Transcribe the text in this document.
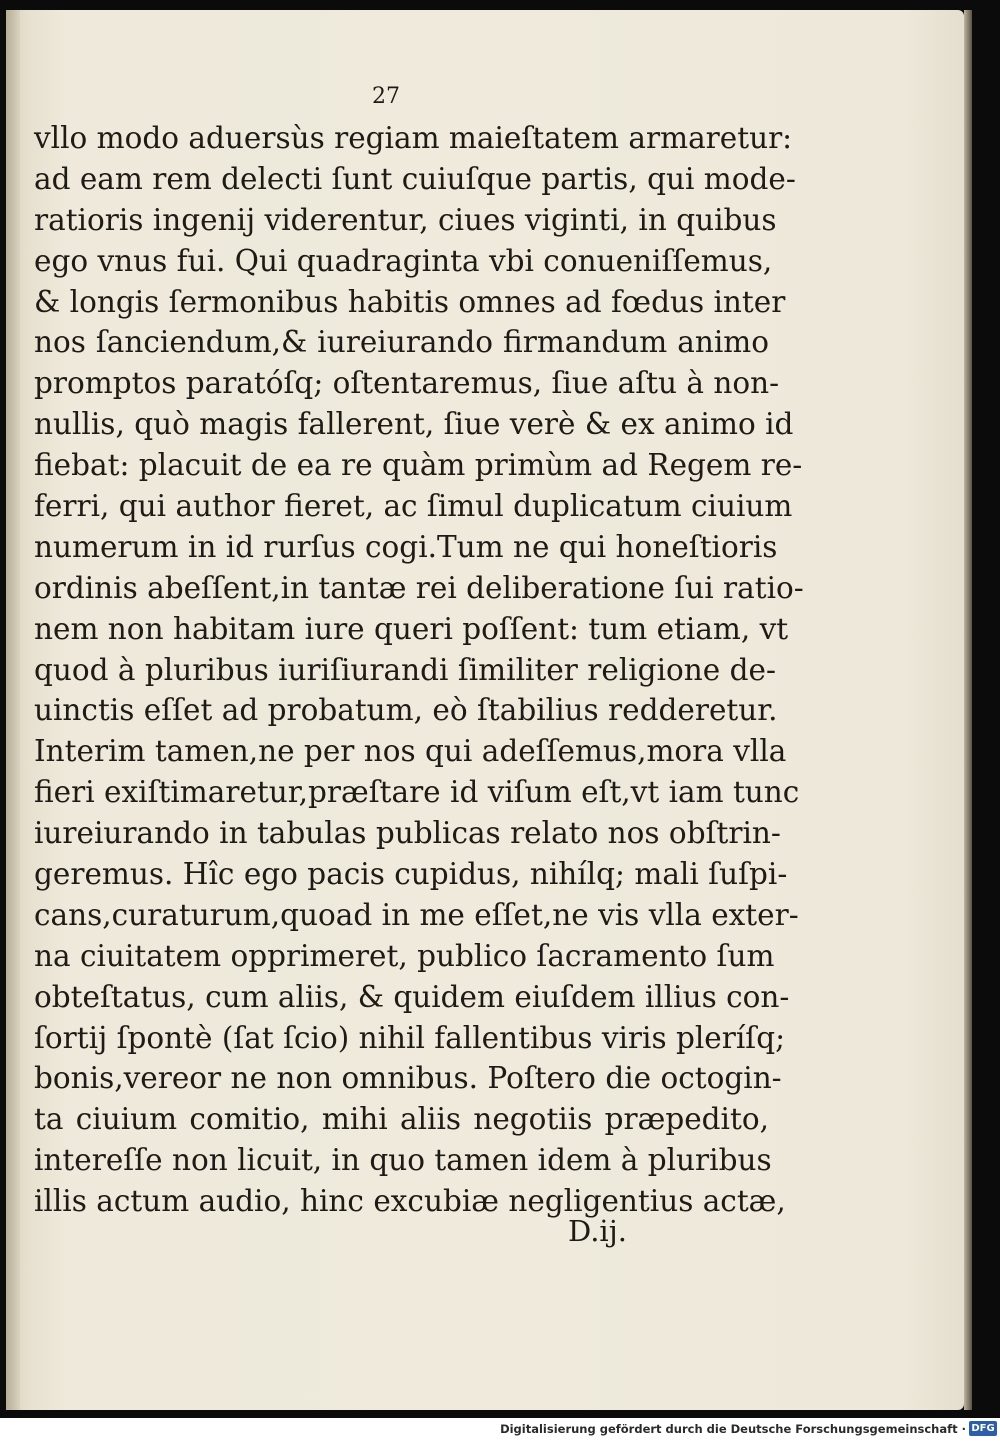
27
vllo modo aduersùs regiam maieſtatem armaretur:
ad eam rem delecti ſunt cuiuſque partis, qui mode-
ratioris ingenij viderentur, ciues viginti, in quibus
ego vnus fui. Qui quadraginta vbi conueniſſemus,
& longis ſermonibus habitis omnes ad fœdus inter
nos ſanciendum,& iureiurando firmandum animo
promptos paratóſq; oſtentaremus, ſiue aſtu à non-
nullis, quò magis fallerent, ſiue verè & ex animo id
fiebat: placuit de ea re quàm primùm ad Regem re-
ferri, qui author fieret, ac ſimul duplicatum ciuium
numerum in id rurſus cogi.Tum ne qui honeſtioris
ordinis abeſſent,in tantæ rei deliberatione ſui ratio-
nem non habitam iure queri poſſent: tum etiam, vt
quod à pluribus iuriſiurandi ſimiliter religione de-
uinctis eſſet ad probatum, eò ſtabilius redderetur.
Interim tamen,ne per nos qui adeſſemus,mora vlla
fieri exiſtimaretur,præſtare id viſum eſt,vt iam tunc
iureiurando in tabulas publicas relato nos obſtrin-
geremus. Hîc ego pacis cupidus, nihílq; mali ſuſpi-
cans,curaturum,quoad in me eſſet,ne vis vlla exter-
na ciuitatem opprimeret, publico ſacramento ſum
obteſtatus, cum aliis, & quidem eiuſdem illius con-
ſortij ſpontè (ſat ſcio) nihil fallentibus viris pleríſq;
bonis,vereor ne non omnibus. Poſtero die octogin-
ta ciuium comitio, mihi aliis negotiis præpedito,
intereſſe non licuit, in quo tamen idem à pluribus
illis actum audio, hinc excubiæ negligentius actæ,
D.ij.
Digitalisierung gefördert durch die Deutsche Forschungsgemeinschaft · DFG
